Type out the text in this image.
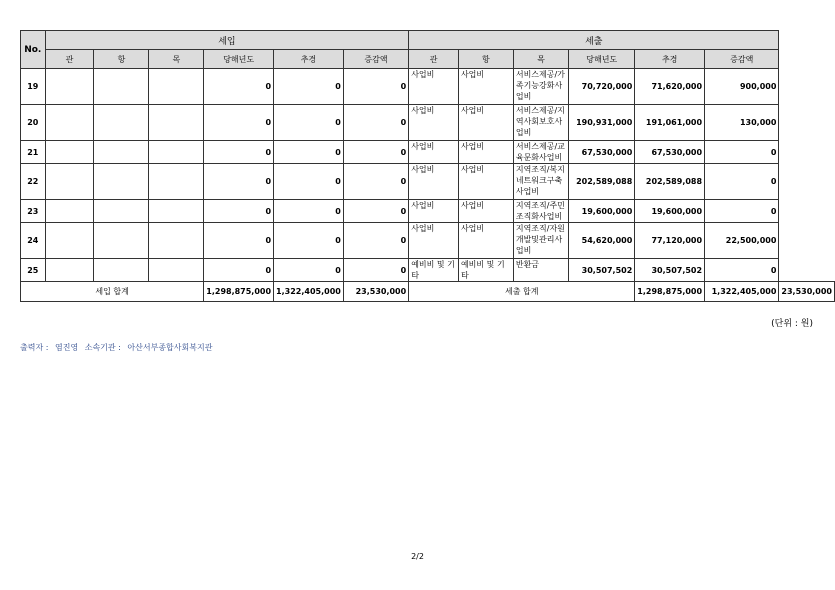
No.	세입						세출						
	관	항	목	당해년도	추경	증감액	관	항	목	당해년도	추경	증감액	
19				0	0	0	사업비	사업비	서비스제공/가족기능강화사업비	70,720,000	71,620,000	900,000	
20				0	0	0	사업비	사업비	서비스제공/지역사회보호사업비	190,931,000	191,061,000	130,000	
21				0	0	0	사업비	사업비	서비스제공/교육문화사업비	67,530,000	67,530,000	0	
22				0	0	0	사업비	사업비	지역조직/복지네트워크구축사업비	202,589,088	202,589,088	0	
23				0	0	0	사업비	사업비	지역조직/주민조직화사업비	19,600,000	19,600,000	0	
24				0	0	0	사업비	사업비	지역조직/자원개발및관리사업비	54,620,000	77,120,000	22,500,000	
25				0	0	0	예비비 및 기타	예비비 및 기타	반환금	30,507,502	30,507,502	0	
세입 합계				1,298,875,000	1,322,405,000	23,530,000	세출 합계				1,298,875,000	1,322,405,000	23,530,000
(단위 : 원)
출력자 : 염진영 소속기관 : 아산서부종합사회복지관
2/2
